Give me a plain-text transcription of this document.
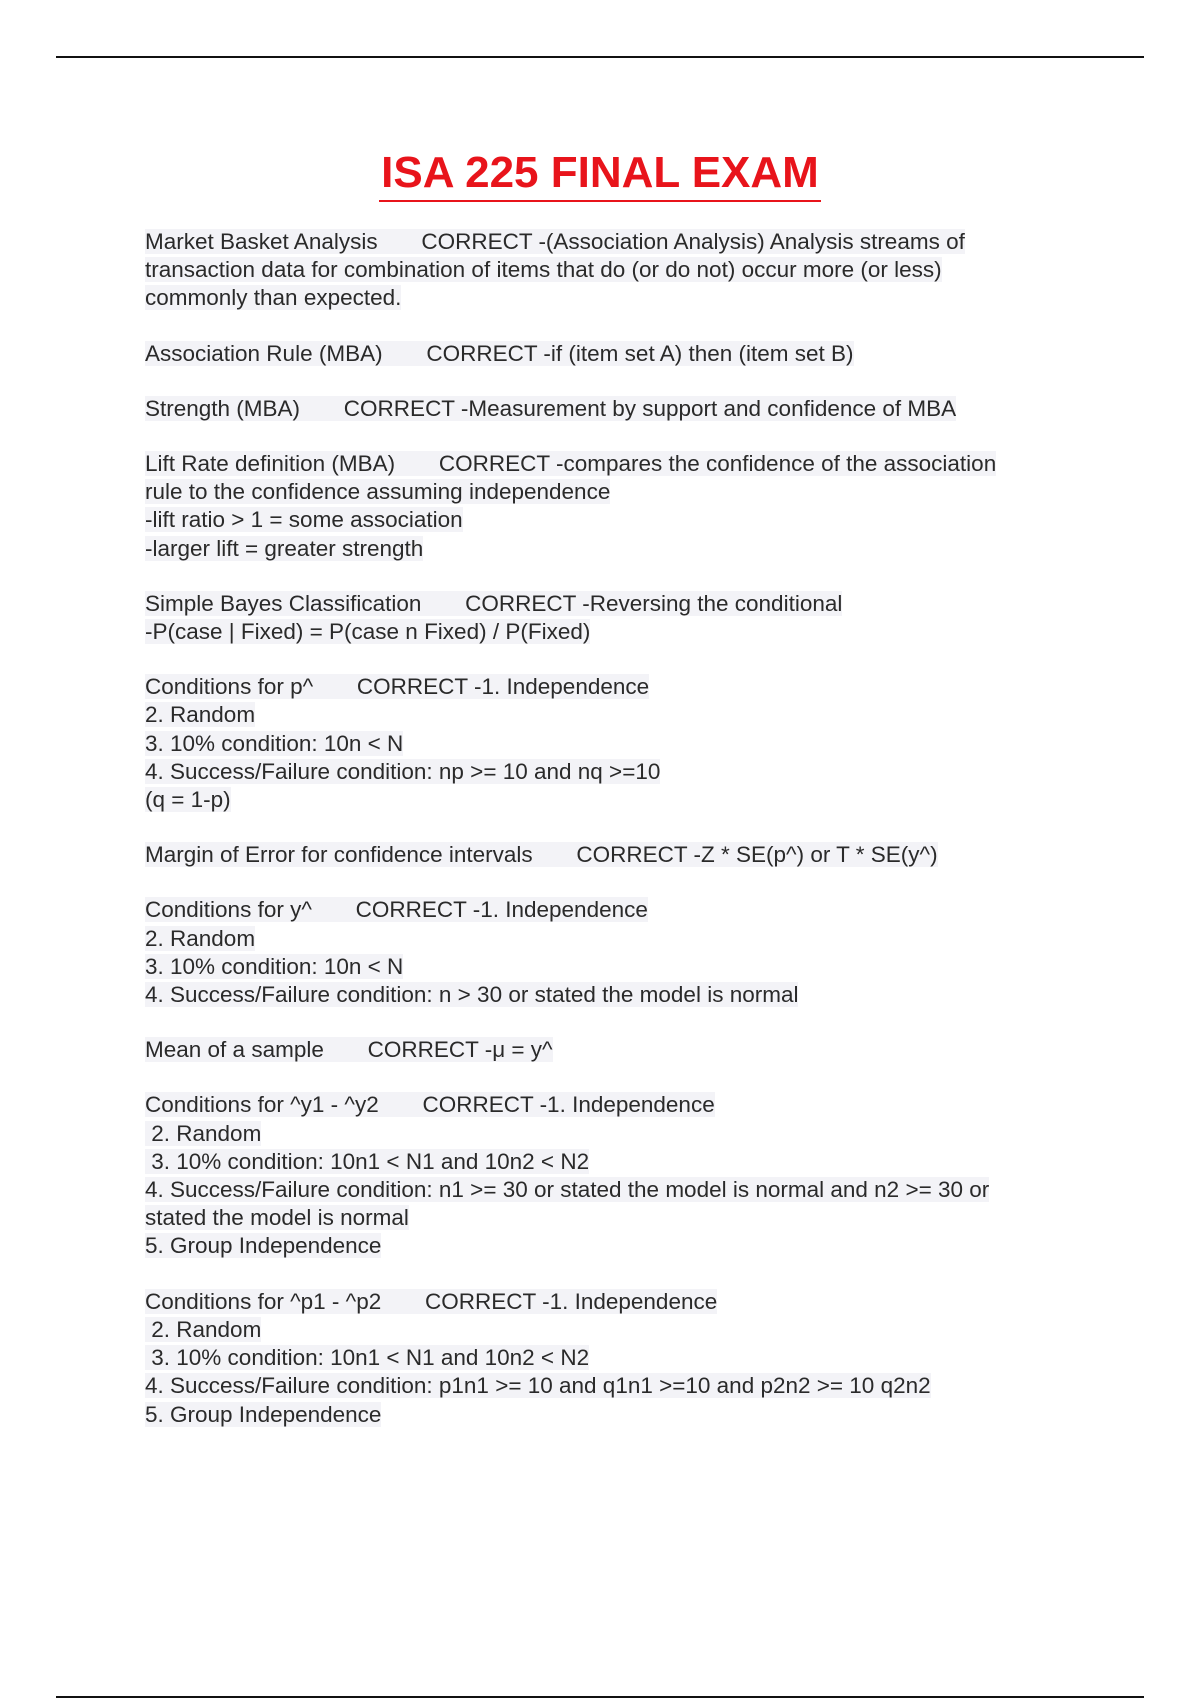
ISA 225 FINAL EXAM
Market Basket Analysis       CORRECT -(Association Analysis) Analysis streams of
transaction data for combination of items that do (or do not) occur more (or less)
commonly than expected.
Association Rule (MBA)       CORRECT -if (item set A) then (item set B)
Strength (MBA)       CORRECT -Measurement by support and confidence of MBA
Lift Rate definition (MBA)       CORRECT -compares the confidence of the association
rule to the confidence assuming independence
-lift ratio > 1 = some association
-larger lift = greater strength
Simple Bayes Classification       CORRECT -Reversing the conditional
-P(case | Fixed) = P(case n Fixed) / P(Fixed)
Conditions for p^       CORRECT -1. Independence
2. Random
3. 10% condition: 10n < N
4. Success/Failure condition: np >= 10 and nq >=10
(q = 1-p)
Margin of Error for confidence intervals       CORRECT -Z * SE(p^) or T * SE(y^)
Conditions for y^       CORRECT -1. Independence
2. Random
3. 10% condition: 10n < N
4. Success/Failure condition: n > 30 or stated the model is normal
Mean of a sample       CORRECT -μ = y^
Conditions for ^y1 - ^y2       CORRECT -1. Independence
2. Random
3. 10% condition: 10n1 < N1 and 10n2 < N2
4. Success/Failure condition: n1 >= 30 or stated the model is normal and n2 >= 30 or
stated the model is normal
5. Group Independence
Conditions for ^p1 - ^p2       CORRECT -1. Independence
2. Random
3. 10% condition: 10n1 < N1 and 10n2 < N2
4. Success/Failure condition: p1n1 >= 10 and q1n1 >=10 and p2n2 >= 10 q2n2
5. Group Independence
